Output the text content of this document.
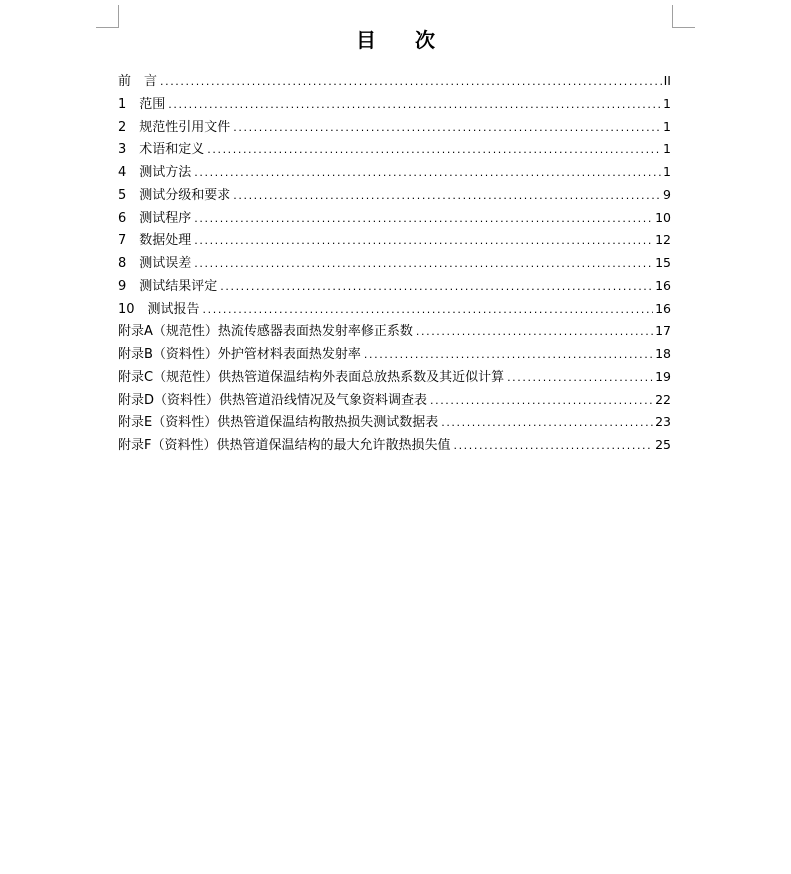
目 次
前　言 .....	II
1　范围 .....	1
2　规范性引用文件 .....	1
3　术语和定义 .....	1
4　测试方法 .....	1
5　测试分级和要求 .....	9
6　测试程序 .....	10
7　数据处理 .....	12
8　测试误差 .....	15
9　测试结果评定 .....	16
10　测试报告 .....	16
附录A（规范性）热流传感器表面热发射率修正系数 .....	17
附录B（资料性）外护管材料表面热发射率 .....	18
附录C（规范性）供热管道保温结构外表面总放热系数及其近似计算 .....	19
附录D（资料性）供热管道沿线情况及气象资料调查表 .....	22
附录E（资料性）供热管道保温结构散热损失测试数据表 .....	23
附录F（资料性）供热管道保温结构的最大允许散热损失值 .....	25
